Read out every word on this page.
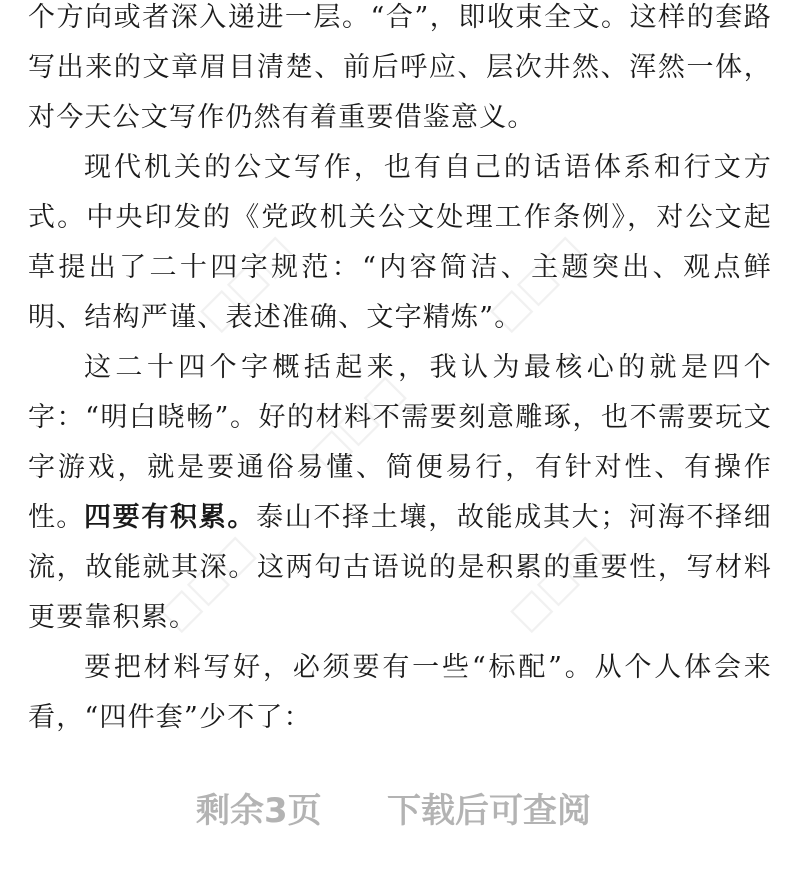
□□□	□□□
□□□
□□□	□□□

个方向或者深入递进一层。“合”，即收束全文。这样的套路写出来的文章眉目清楚、前后呼应、层次井然、浑然一体，对今天公文写作仍然有着重要借鉴意义。

现代机关的公文写作，也有自己的话语体系和行文方式。中央印发的《党政机关公文处理工作条例》，对公文起草提出了二十四字规范：“内容简洁、主题突出、观点鲜明、结构严谨、表述准确、文字精炼”。

这二十四个字概括起来，我认为最核心的就是四个字：“明白晓畅”。好的材料不需要刻意雕琢，也不需要玩文字游戏，就是要通俗易懂、简便易行，有针对性、有操作性。 四要有积累。泰山不择土壤，故能成其大；河海不择细流，故能就其深。这两句古语说的是积累的重要性，写材料更要靠积累。

要把材料写好，必须要有一些“标配”。从个人体会来看，“四件套”少不了：

剩余3页 下载后可查阅
